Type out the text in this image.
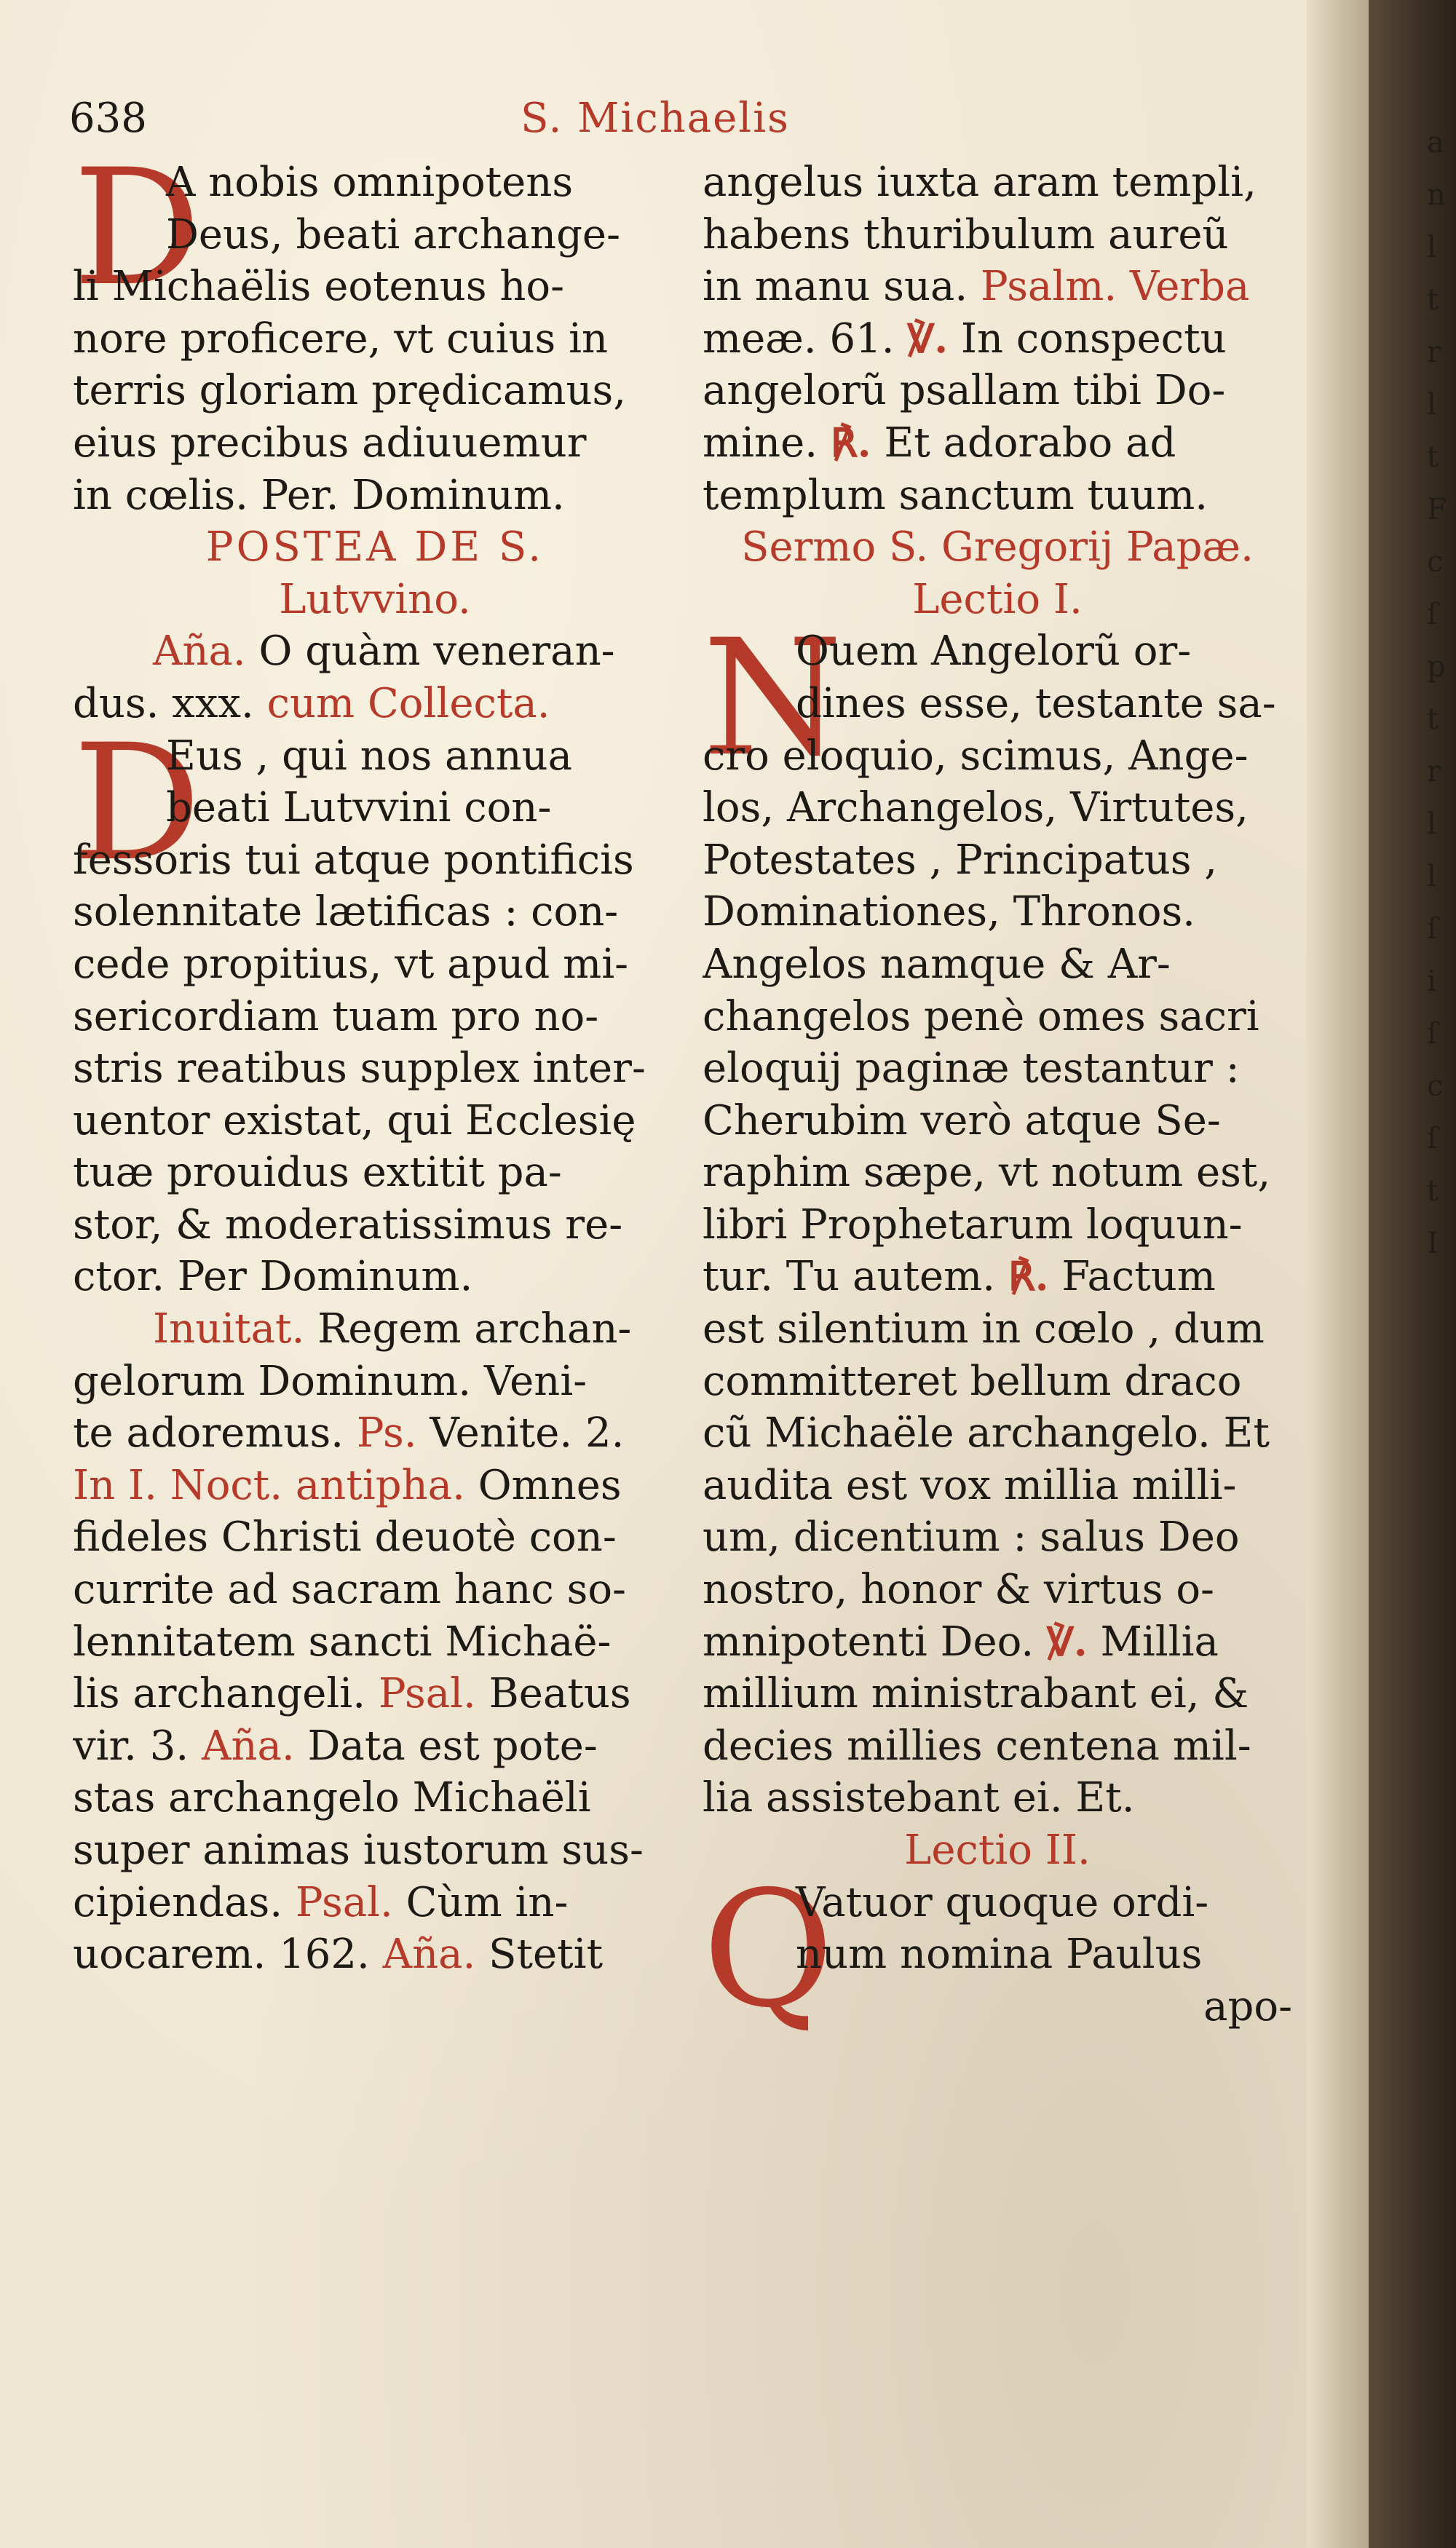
638	S. Michaelis
D
A nobis omnipotens
Deus, beati archange-
li Michaëlis eotenus ho-
nore proficere, vt cuius in
terris gloriam prędicamus,
eius precibus adiuuemur
in cœlis. Per. Dominum.
POSTEA DE S.
Lutvvino.
Aña. O quàm veneran-
dus. xxx. cum Collecta.
D
Eus , qui nos annua
beati Lutvvini con-
fessoris tui atque pontificis
solennitate lætificas : con-
cede propitius, vt apud mi-
sericordiam tuam pro no-
stris reatibus supplex inter-
uentor existat, qui Ecclesię
tuæ prouidus extitit pa-
stor, & moderatissimus re-
ctor. Per Dominum.
Inuitat. Regem archan-
gelorum Dominum. Veni-
te adoremus. Ps. Venite. 2.
In I. Noct. antipha. Omnes
fideles Christi deuotè con-
currite ad sacram hanc so-
lennitatem sancti Michaë-
lis archangeli. Psal. Beatus
vir. 3. Aña. Data est pote-
stas archangelo Michaëli
super animas iustorum sus-
cipiendas. Psal. Cùm in-
uocarem. 162. Aña. Stetit
angelus iuxta aram templi,
habens thuribulum aureũ
in manu sua. Psalm. Verba
meæ. 61. ℣. In conspectu
angelorũ psallam tibi Do-
mine. ℟. Et adorabo ad
templum sanctum tuum.
Sermo S. Gregorij Papæ.
Lectio I.
N
Ouem Angelorũ or-
dines esse, testante sa-
cro eloquio, scimus, Ange-
los, Archangelos, Virtutes,
Potestates , Principatus ,
Dominationes, Thronos.
Angelos namque & Ar-
changelos penè omes sacri
eloquij paginæ testantur :
Cherubim verò atque Se-
raphim sæpe, vt notum est,
libri Prophetarum loquun-
tur. Tu autem. ℟. Factum
est silentium in cœlo , dum
committeret bellum draco
cũ Michaële archangelo. Et
audita est vox millia milli-
um, dicentium : salus Deo
nostro, honor & virtus o-
mnipotenti Deo. ℣. Millia
millium ministrabant ei, &
decies millies centena mil-
lia assistebant ei. Et.
Lectio II.
Q
Vatuor quoque ordi-
num nomina Paulus
apo-
a
n
l
t
r
l
t
F
c
ſ
p
t
r
l
l
ſ
i
ſ
c
ſ
t
I
